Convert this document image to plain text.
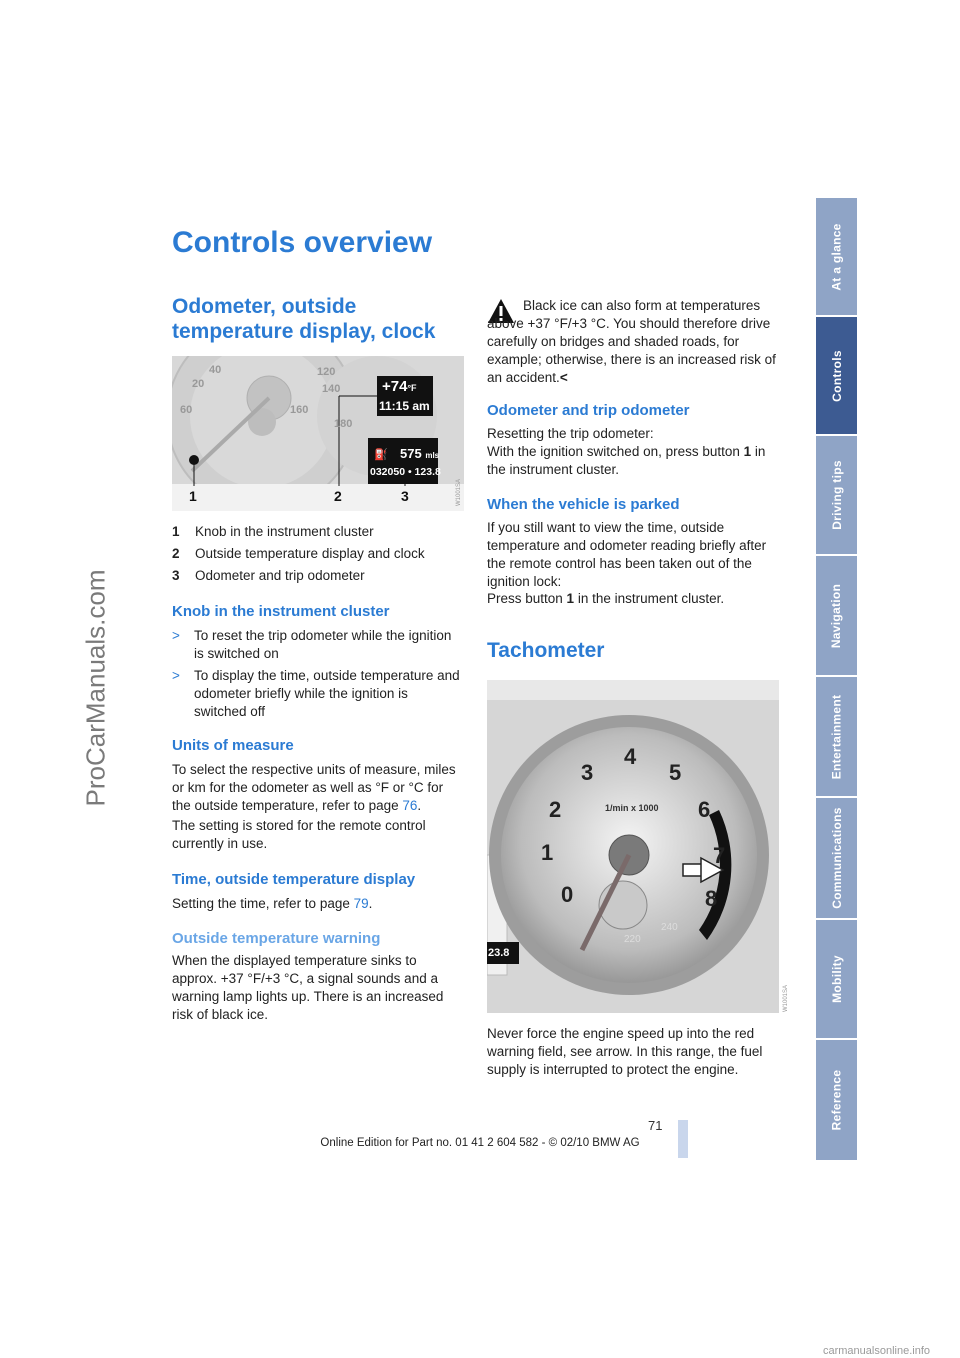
ProCarManuals.com
Controls overview	At a glance
Controls
Driving tips
Navigation
Entertainment
Communications
Mobility
Reference
Odometer, outside temperature display, clock
20
40
60
120
140
160
180
+74°F
11:15 am
⛽ 575 mls
032050 • 123.8
1	2	3	W1001SA
1 Knob in the instrument cluster
2 Outside temperature display and clock
3 Odometer and trip odometer
Knob in the instrument cluster
> To reset the trip odometer while the ignition is switched on
> To display the time, outside temperature and odometer briefly while the ignition is switched off
Units of measure
To select the respective units of measure, miles or km for the odometer as well as °F or °C for the outside temperature, refer to page 76.
The setting is stored for the remote control currently in use.
Time, outside temperature display
Setting the time, refer to page 79.
Outside temperature warning
When the displayed temperature sinks to approx. +37 °F/+3 °C, a signal sounds and a warning lamp lights up. There is an increased risk of black ice.
Black ice can also form at temperatures above +37 °F/+3 °C. You should therefore drive carefully on bridges and shaded roads, for example; otherwise, there is an increased risk of an accident.<
Odometer and trip odometer
Resetting the trip odometer:
With the ignition switched on, press button 1 in the instrument cluster.
When the vehicle is parked
If you still want to view the time, outside temperature and odometer reading briefly after the remote control has been taken out of the ignition lock:
Press button 1 in the instrument cluster.
Tachometer
0
1
2
3
4
5
6
7
8
1/min x 1000
220
240
23.8
W1001SA
Never force the engine speed up into the red warning field, see arrow. In this range, the fuel supply is interrupted to protect the engine.
71
Online Edition for Part no. 01 41 2 604 582 - © 02/10 BMW AG
carmanualsonline.info
